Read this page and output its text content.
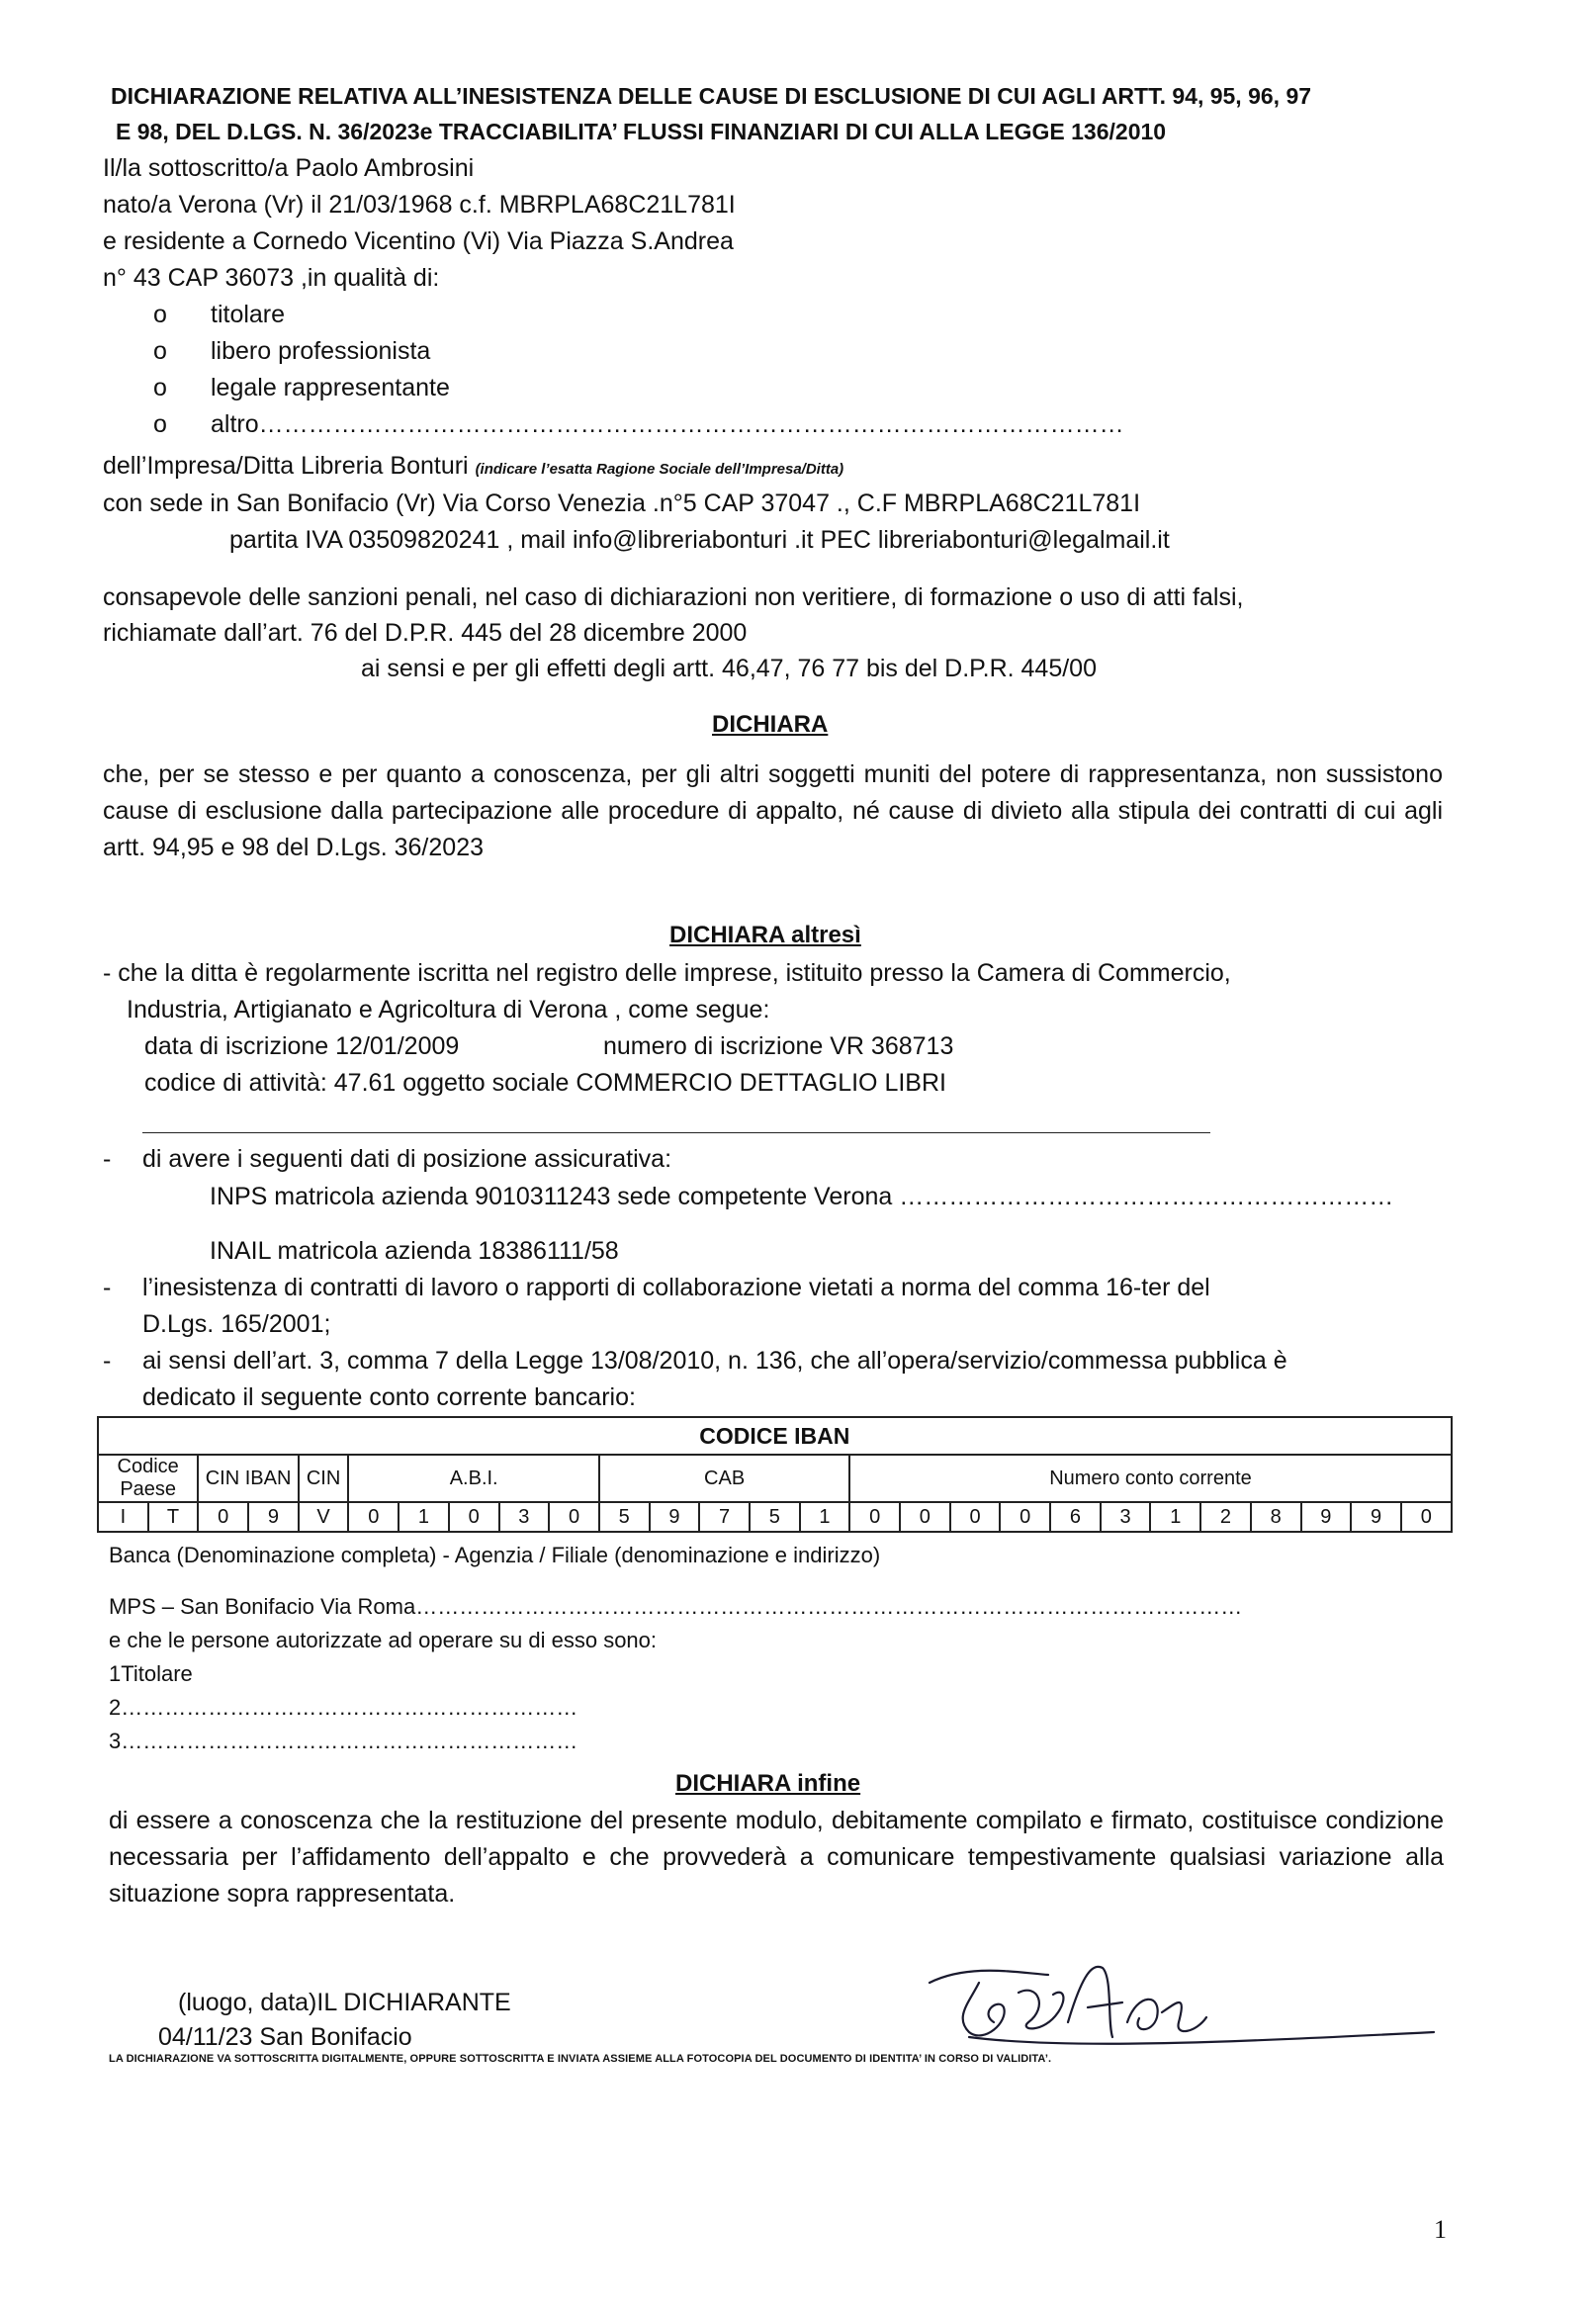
DICHIARAZIONE RELATIVA ALL’INESISTENZA DELLE CAUSE DI ESCLUSIONE DI CUI AGLI ARTT. 94, 95, 96, 97
E 98, DEL D.LGS. N. 36/2023e TRACCIABILITA’ FLUSSI FINANZIARI DI CUI ALLA LEGGE 136/2010
Il/la sottoscritto/a Paolo Ambrosini
nato/a Verona (Vr) il 21/03/1968 c.f. MBRPLA68C21L781I
e residente a Cornedo Vicentino (Vi) Via Piazza S.Andrea
n° 43 CAP 36073 ,in qualità di:
o titolare
o libero professionista
o legale rappresentante
o altro……………………………………………………………………………………………
dell’Impresa/Ditta Libreria Bonturi (indicare l’esatta Ragione Sociale dell’Impresa/Ditta)
con sede in San Bonifacio (Vr) Via Corso Venezia .n°5 CAP 37047 ., C.F MBRPLA68C21L781I
partita IVA 03509820241 , mail info@libreriabonturi .it PEC libreriabonturi@legalmail.it
consapevole delle sanzioni penali, nel caso di dichiarazioni non veritiere, di formazione o uso di atti falsi,
richiamate dall’art. 76 del D.P.R. 445 del 28 dicembre 2000
ai sensi e per gli effetti degli artt. 46,47, 76 77 bis del D.P.R. 445/00
DICHIARA
che, per se stesso e per quanto a conoscenza, per gli altri soggetti muniti del potere di rappresentanza, non sussistono cause di esclusione dalla partecipazione alle procedure di appalto, né cause di divieto alla stipula dei contratti di cui agli artt. 94,95 e 98 del D.Lgs. 36/2023
DICHIARA altresì
- che la ditta è regolarmente iscritta nel registro delle imprese, istituito presso la Camera di Commercio,
Industria, Artigianato e Agricoltura di Verona , come segue:
data di iscrizione 12/01/2009	numero di iscrizione VR 368713
codice di attività: 47.61 oggetto sociale COMMERCIO DETTAGLIO LIBRI
- di avere i seguenti dati di posizione assicurativa:
INPS matricola azienda 9010311243 sede competente Verona ……………………………………………………
INAIL matricola azienda 18386111/58
- l’inesistenza di contratti di lavoro o rapporti di collaborazione vietati a norma del comma 16-ter del
D.Lgs. 165/2001;
- ai sensi dell’art. 3, comma 7 della Legge 13/08/2010, n. 136, che all’opera/servizio/commessa pubblica è
dedicato il seguente conto corrente bancario:
CODICE IBAN																										
Codice Paese		CIN IBAN		CIN	A.B.I.					CAB					Numero conto corrente											
I	T	0	9	V	0	1	0	3	0	5	9	7	5	1	0	0	0	0	6	3	1	2	8	9	9	0
Banca (Denominazione completa) - Agenzia / Filiale (denominazione e indirizzo)
MPS – San Bonifacio Via Roma……………………………………………………………………………………………………
e che le persone autorizzate ad operare su di esso sono:
1Titolare
2………………………………………………………
3………………………………………………………
DICHIARA infine
di essere a conoscenza che la restituzione del presente modulo, debitamente compilato e firmato, costituisce condizione necessaria per l’affidamento dell’appalto e che provvederà a comunicare tempestivamente qualsiasi variazione alla situazione sopra rappresentata.
(luogo, data)IL DICHIARANTE
04/11/23 San Bonifacio
LA DICHIARAZIONE VA SOTTOSCRITTA DIGITALMENTE, OPPURE SOTTOSCRITTA E INVIATA ASSIEME ALLA FOTOCOPIA DEL DOCUMENTO DI IDENTITA’ IN CORSO DI VALIDITA’.
1
